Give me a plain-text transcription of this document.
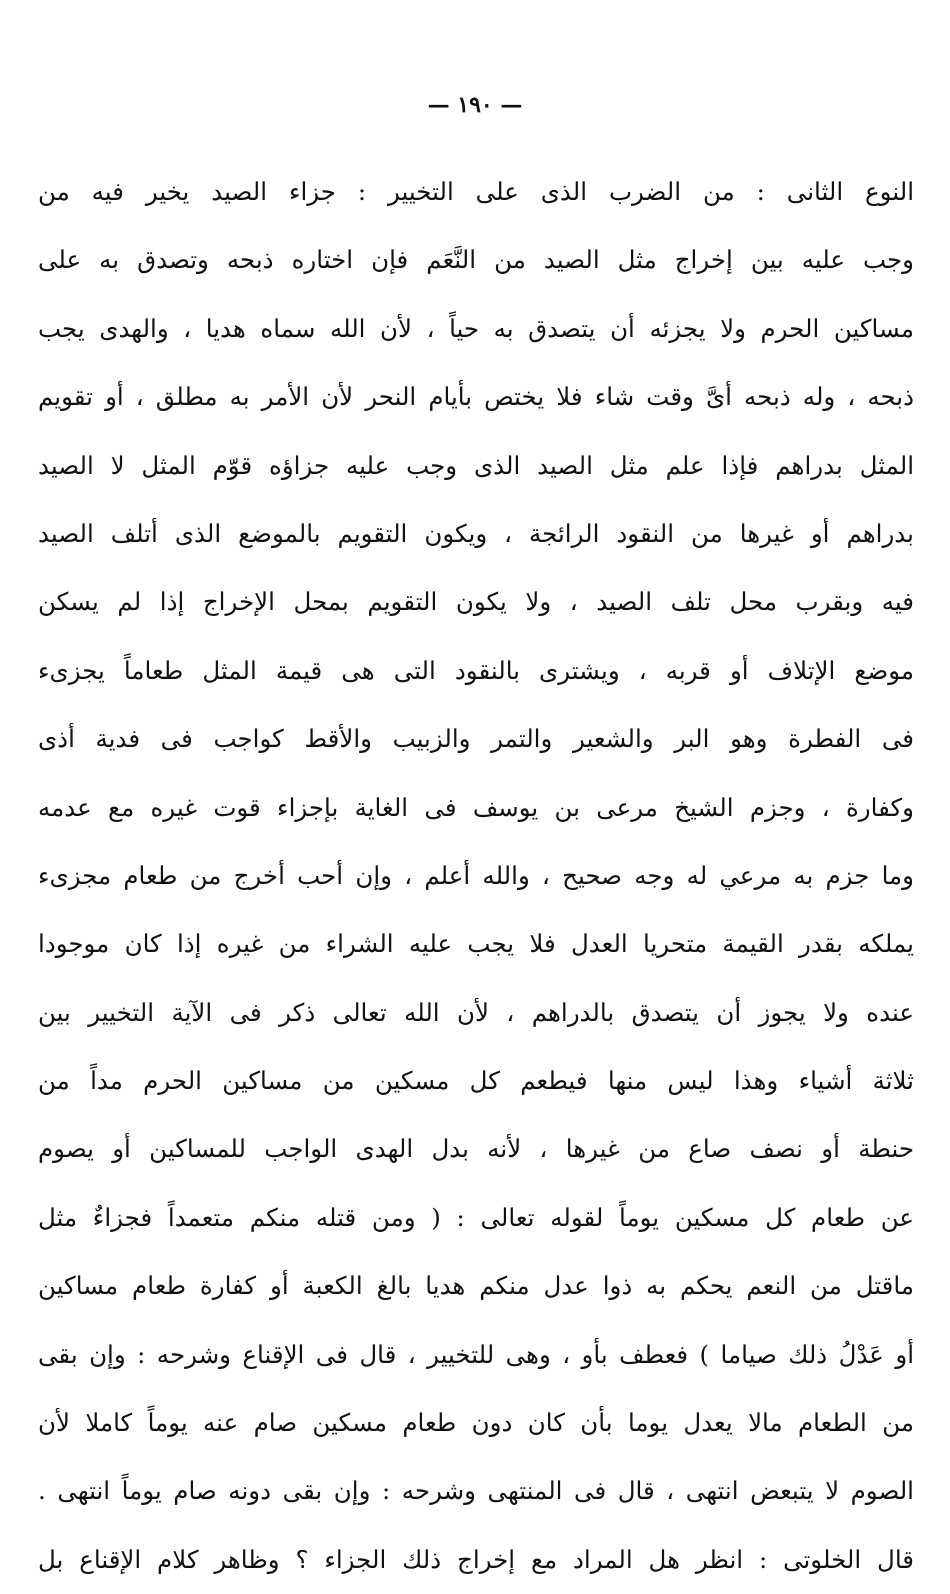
— ١٩٠ —
النوع الثانى : من الضرب الذى على التخيير : جزاء الصيد يخير فيه من
وجب عليه بين إخراج مثل الصيد من النَّعَم فإن اختاره ذبحه وتصدق به على
مساكين الحرم ولا يجزئه أن يتصدق به حياً ، لأن الله سماه هديا ، والهدى يجب
ذبحه ، وله ذبحه أىَّ وقت شاء فلا يختص بأيام النحر لأن الأمر به مطلق ، أو تقويم
المثل بدراهم فإذا علم مثل الصيد الذى وجب عليه جزاؤه قوّم المثل لا الصيد
بدراهم أو غيرها من النقود الرائجة ، ويكون التقويم بالموضع الذى أتلف الصيد
فيه وبقرب محل تلف الصيد ، ولا يكون التقويم بمحل الإخراج إذا لم يسكن
موضع الإتلاف أو قربه ، ويشترى بالنقود التى هى قيمة المثل طعاماً يجزىء
فى الفطرة وهو البر والشعير والتمر والزبيب والأقط كواجب فى فدية أذى
وكفارة ، وجزم الشيخ مرعى بن يوسف فى الغاية بإجزاء قوت غيره مع عدمه
وما جزم به مرعي له وجه صحيح ، والله أعلم ، وإن أحب أخرج من طعام مجزىء
يملكه بقدر القيمة متحريا العدل فلا يجب عليه الشراء من غيره إذا كان موجودا
عنده ولا يجوز أن يتصدق بالدراهم ، لأن الله تعالى ذكر فى الآية التخيير بين
ثلاثة أشياء وهذا ليس منها فيطعم كل مسكين من مساكين الحرم مداً من
حنطة أو نصف صاع من غيرها ، لأنه بدل الهدى الواجب للمساكين أو يصوم
عن طعام كل مسكين يوماً لقوله تعالى : ( ومن قتله منكم متعمداً فجزاءٌ مثل
ماقتل من النعم يحكم به ذوا عدل منكم هديا بالغ الكعبة أو كفارة طعام مساكين
أو عَدْلُ ذلك صياما ) فعطف بأو ، وهى للتخيير ، قال فى الإقناع وشرحه : وإن بقى
من الطعام مالا يعدل يوما بأن كان دون طعام مسكين صام عنه يوماً كاملا لأن
الصوم لا يتبعض انتهى ، قال فى المنتهى وشرحه : وإن بقى دونه صام يوماً انتهى .
قال الخلوتى : انظر هل المراد مع إخراج ذلك الجزاء ؟ وظاهر كلام الإقناع بل
